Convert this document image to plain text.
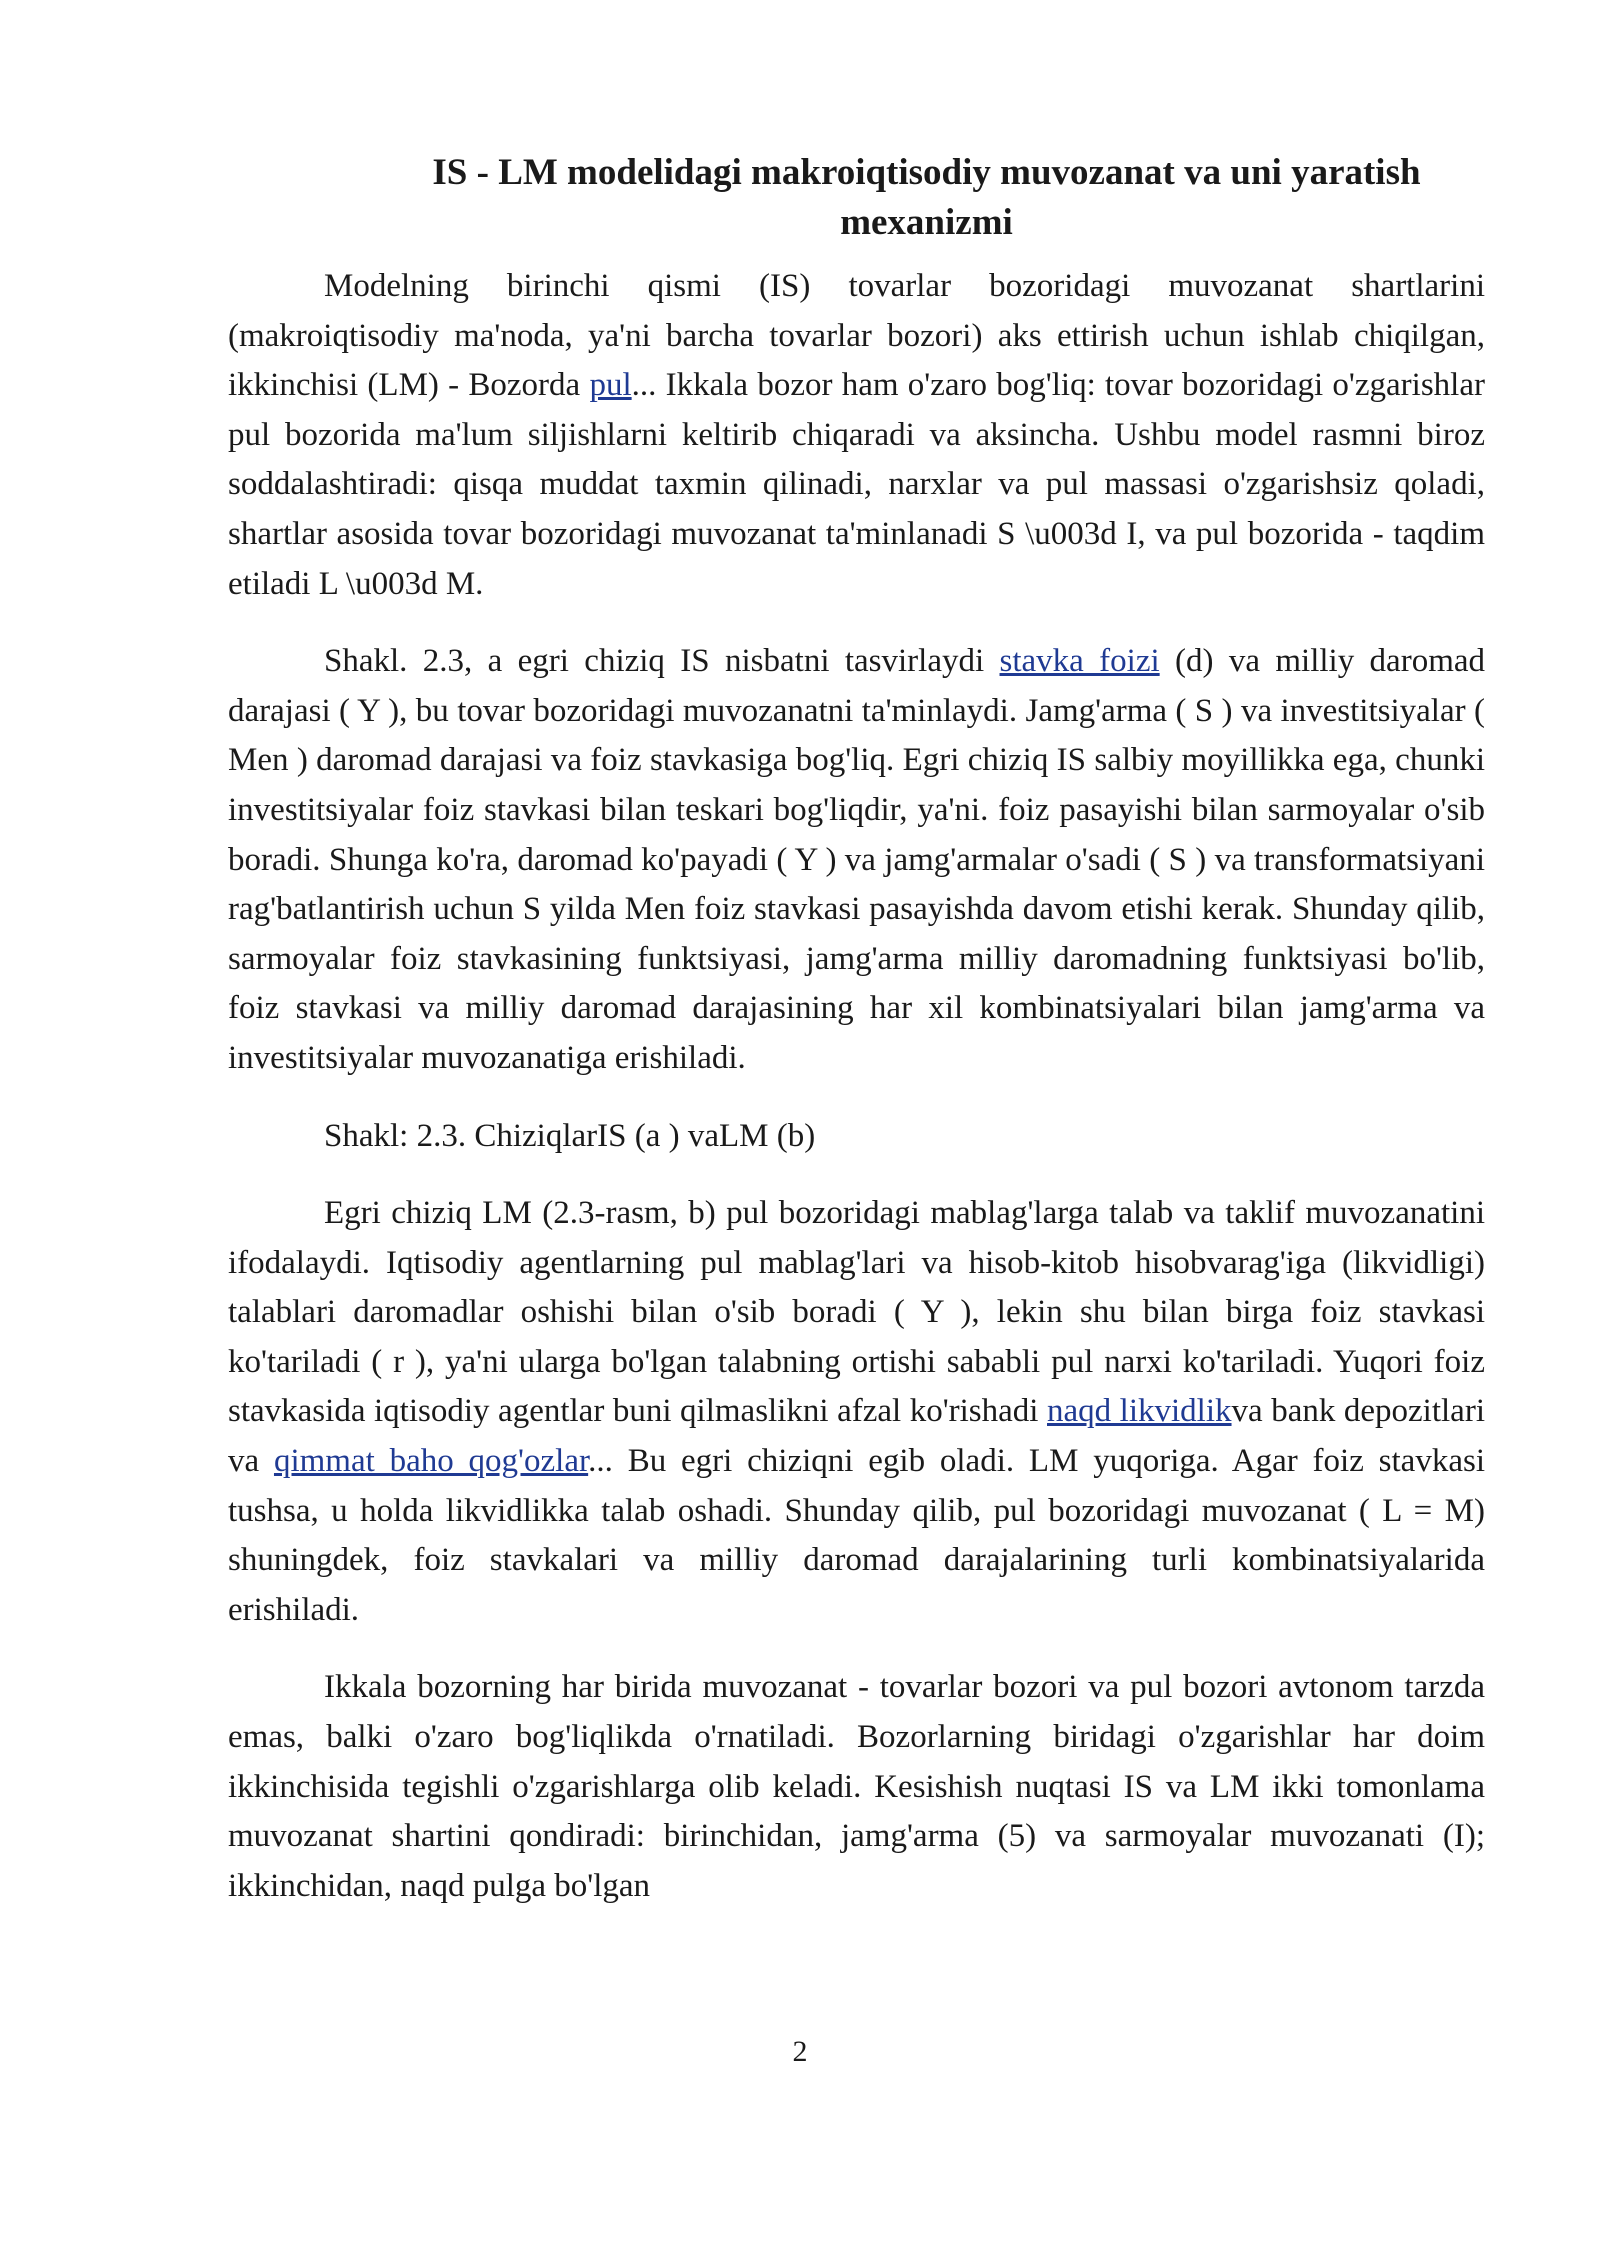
IS - LM modelidagi makroiqtisodiy muvozanat va uni yaratish mexanizmi

Modelning birinchi qismi (IS) tovarlar bozoridagi muvozanat shartlarini (makroiqtisodiy ma'noda, ya'ni barcha tovarlar bozori) aks ettirish uchun ishlab chiqilgan, ikkinchisi (LM) - Bozorda pul... Ikkala bozor ham o'zaro bog'liq: tovar bozoridagi o'zgarishlar pul bozorida ma'lum siljishlarni keltirib chiqaradi va aksincha. Ushbu model rasmni biroz soddalashtiradi: qisqa muddat taxmin qilinadi, narxlar va pul massasi o'zgarishsiz qoladi, shartlar asosida tovar bozoridagi muvozanat ta'minlanadi S \u003d I, va pul bozorida - taqdim etiladi L \u003d M.

Shakl. 2.3, a egri chiziq IS nisbatni tasvirlaydi stavka foizi (d) va milliy daromad darajasi ( Y ), bu tovar bozoridagi muvozanatni ta'minlaydi. Jamg'arma ( S ) va investitsiyalar ( Men ) daromad darajasi va foiz stavkasiga bog'liq. Egri chiziq IS salbiy moyillikka ega, chunki investitsiyalar foiz stavkasi bilan teskari bog'liqdir, ya'ni. foiz pasayishi bilan sarmoyalar o'sib boradi. Shunga ko'ra, daromad ko'payadi ( Y ) va jamg'armalar o'sadi ( S ) va transformatsiyani rag'batlantirish uchun S yilda Men foiz stavkasi pasayishda davom etishi kerak. Shunday qilib, sarmoyalar foiz stavkasining funktsiyasi, jamg'arma milliy daromadning funktsiyasi bo'lib, foiz stavkasi va milliy daromad darajasining har xil kombinatsiyalari bilan jamg'arma va investitsiyalar muvozanatiga erishiladi.

Shakl: 2.3. ChiziqlarIS (a ) vaLM (b)

Egri chiziq LM (2.3-rasm, b) pul bozoridagi mablag'larga talab va taklif muvozanatini ifodalaydi. Iqtisodiy agentlarning pul mablag'lari va hisob-kitob hisobvarag'iga (likvidligi) talablari daromadlar oshishi bilan o'sib boradi ( Y ), lekin shu bilan birga foiz stavkasi ko'tariladi ( r ), ya'ni ularga bo'lgan talabning ortishi sababli pul narxi ko'tariladi. Yuqori foiz stavkasida iqtisodiy agentlar buni qilmaslikni afzal ko'rishadi naqd likvidlikva bank depozitlari va qimmat baho qog'ozlar... Bu egri chiziqni egib oladi. LM yuqoriga. Agar foiz stavkasi tushsa, u holda likvidlikka talab oshadi. Shunday qilib, pul bozoridagi muvozanat ( L = M) shuningdek, foiz stavkalari va milliy daromad darajalarining turli kombinatsiyalarida erishiladi.

Ikkala bozorning har birida muvozanat - tovarlar bozori va pul bozori avtonom tarzda emas, balki o'zaro bog'liqlikda o'rnatiladi. Bozorlarning biridagi o'zgarishlar har doim ikkinchisida tegishli o'zgarishlarga olib keladi. Kesishish nuqtasi IS va LM ikki tomonlama muvozanat shartini qondiradi: birinchidan, jamg'arma (5) va sarmoyalar muvozanati (I); ikkinchidan, naqd pulga bo'lgan

2
